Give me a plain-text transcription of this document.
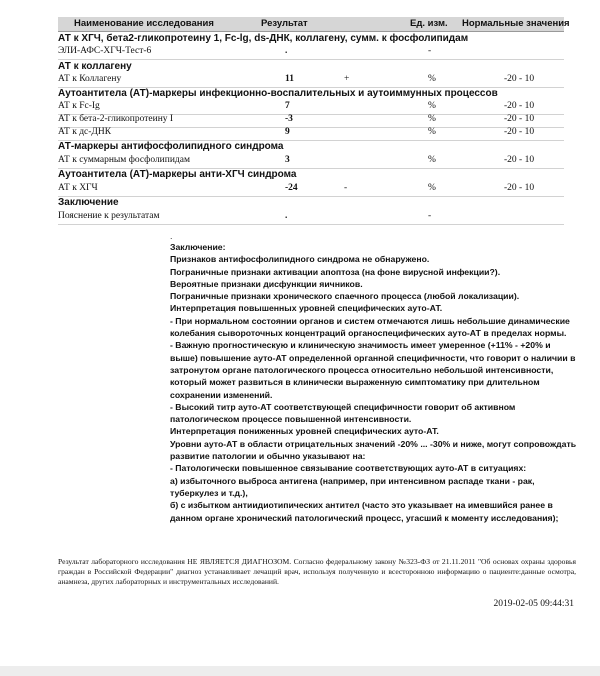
Наименование исследования	Результат	Ед. изм. Нормальные значения
АТ к ХГЧ, бета2-гликопротеину 1, Fc-lg, ds-ДНК, коллагену, сумм. к фосфолипидам
ЭЛИ-АФС-ХГЧ-Тест-6	.	-
АТ к коллагену
АТ к Коллагену	11	+	%	-20 - 10
Аутоантитела (АТ)-маркеры инфекционно-воспалительных и аутоиммунных процессов
АТ к Fc-Ig	7	%	-20 - 10
АТ к бета-2-гликопротеину I	-3	%	-20 - 10
АТ к дс-ДНК	9	%	-20 - 10
АТ-маркеры антифосфолипидного синдрома
АТ к суммарным фосфолипидам	3	%	-20 - 10
Аутоантитела (АТ)-маркеры анти-ХГЧ синдрома
АТ к ХГЧ	-24	-	%	-20 - 10
Заключение
Пояснение к результатам	.	-

.

Заключение:

Признаков антифосфолипидного синдрома не обнаружено.

Пограничные признаки активации апоптоза (на фоне вирусной инфекции?).

Вероятные признаки дисфункции яичников.

Пограничные признаки хронического спаечного процесса (любой локализации).

Интерпретация повышенных уровней специфических ауто-АТ.

- При нормальном состоянии органов и систем отмечаются лишь небольшие динамические колебания сывороточных концентраций органоспецифических ауто-АТ в пределах нормы.

- Важную прогностическую и клиническую значимость имеет умеренное (+11% - +20% и выше) повышение ауто-АТ определенной органной специфичности, что говорит о наличии в затронутом органе патологического процесса относительно небольшой интенсивности, который может развиться в клинически выраженную симптоматику при длительном сохранении изменений.

- Высокий титр ауто-АТ соответствующей специфичности говорит об активном патологическом процессе повышенной интенсивности.

Интерпретация пониженных уровней специфических ауто-АТ.

Уровни ауто-АТ в области отрицательных значений -20% ... -30% и ниже, могут сопровождать развитие патологии и обычно указывают на:

- Патологически повышенное связывание соответствующих ауто-АТ в ситуациях:

а) избыточного выброса антигена (например, при интенсивном распаде ткани - рак, туберкулез и т.д.),

б) с избытком антиидиотипических антител (часто это указывает на имевшийся ранее в данном органе хронический патологический процесс, угасший к моменту исследования);

Результат лабораторного исследования НЕ ЯВЛЯЕТСЯ ДИАГНОЗОМ. Согласно федеральному закону №323-ФЗ от 21.11.2011 "Об основах охраны здоровья граждан в Российской Федерации" диагноз устанавливает лечащий врач, используя полученную и всесторонною информацию о пациенте:данные осмотра, анамнеза, других лабораторных и инструментальных исследований.
2019-02-05 09:44:31
